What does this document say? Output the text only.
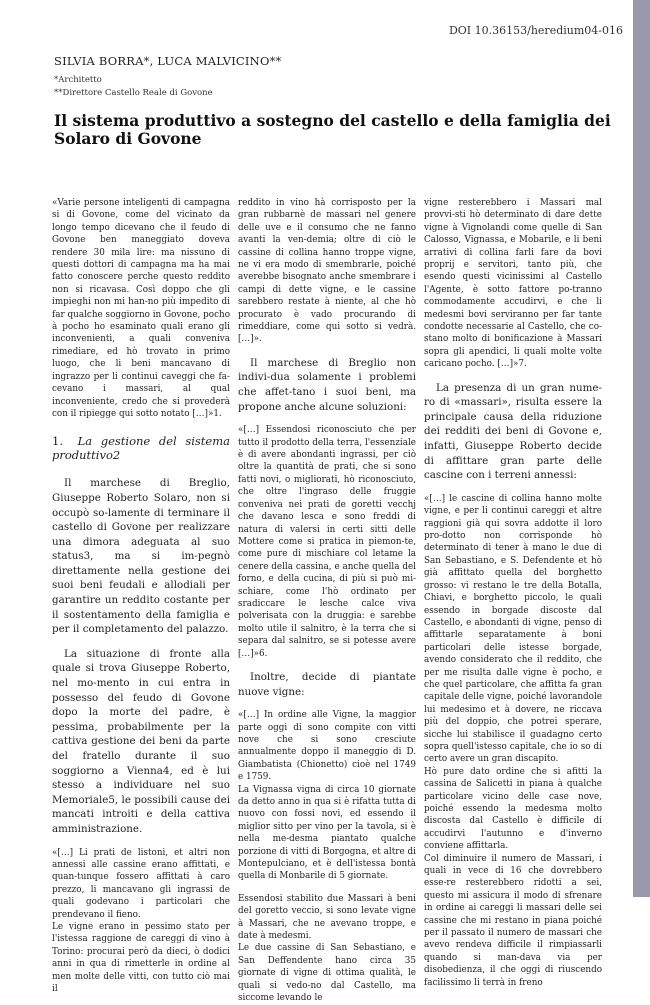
DOI 10.36153/heredium04-016
SILVIA BORRA*, LUCA MALVICINO**
*Architetto
**Direttore Castello Reale di Govone
Il sistema produttivo a sostegno del castello e della famiglia dei Solaro di Govone

«Varie persone inteligenti di campagna si di Govone, come del vicinato da longo tempo dicevano che il feudo di Govone ben maneggiato doveva rendere 30 mila lire: ma nissuno di questi dottori di campagna ma ha mai fatto conoscere perche questo reddito non si ricavasa. Così doppo che gli impieghi non mi han-no più impedito di far qualche soggiorno in Govone, pocho à pocho ho esaminato quali erano gli inconvenienti, a quali conveniva rimediare, ed hò trovato in primo luogo, che li beni mancavano di ingrazzo per li continui caveggi che fa-cevano i massari, al qual inconveniente, credo che si provederà con il ripiegge qui sotto notato […]»1.

1. La gestione del sistema produttivo2

Il marchese di Breglio, Giuseppe Roberto Solaro, non si occupò so-lamente di terminare il castello di Govone per realizzare una dimora adeguata al suo status3, ma si im-pegnò direttamente nella gestione dei suoi beni feudali e allodiali per garantire un reddito costante per il sostentamento della famiglia e per il completamento del palazzo.

La situazione di fronte alla quale si trova Giuseppe Roberto, nel mo-mento in cui entra in possesso del feudo di Govone dopo la morte del padre, è pessima, probabilmente per la cattiva gestione dei beni da parte del fratello durante il suo soggiorno a Vienna4, ed è lui stesso a individuare nel suo Memoriale5, le possibili cause dei mancati introiti e della cattiva amministrazione.

«[…] Li prati de listoni, et altri non annessi alle cassine erano affittati, e quan-tunque fossero affittati à caro prezzo, li mancavano gli ingrassi de quali godevano i particolari che prendevano il fieno.

Le vigne erano in pessimo stato per l'istessa raggione de careggi di vino à Torino: procurai però da dieci, ò dodici anni in qua di rimetterle in ordine al men molte delle vitti, con tutto ciò mai il

reddito in vino hà corrisposto per la gran rubbarnè de massari nel genere delle uve e il consumo che ne fanno avanti la ven-demia; oltre di ciò le cassine di collina hanno troppe vigne, ne vi era modo di smembrarle, poiché averebbe bisognato anche smembrare i campi di dette vigne, e le cassine sarebbero restate à niente, al che hò procurato è vado procurando di rimeddiare, come qui sotto si vedrà. […]».

Il marchese di Breglio non indivi-dua solamente i problemi che affet-tano i suoi beni, ma propone anche alcune soluzioni:

«[…] Essendosi riconosciuto che per tutto il prodotto della terra, l'essenziale è di avere abondanti ingrassi, per ciò oltre la quantità de prati, che si sono fatti novi, o migliorati, hò riconosciuto, che oltre l'ingraso delle fruggie conveniva nei prati de goretti vecchj che davano lesca e sono freddi di natura di valersi in certi sitti delle Mottere come si pratica in piemon-te, come pure di mischiare col letame la cenere della cassina, e anche quella del forno, e della cucina, di più si può mi-schiare, come l'hò ordinato per sradiccare le lesche calce viva polverisata con la druggia: e sarebbe molto utile il salnitro, è la terra che si separa dal salnitro, se si potesse avere […]»6.

Inoltre, decide di piantate nuove vigne:

«[…] In ordine alle Vigne, la maggior parte oggi di sono compite con vitti nove che si sono cresciute annualmente doppo il maneggio di D. Giambatista (Chionetto) cioè nel 1749 e 1759.

La Vignassa vigna di circa 10 giornate da detto anno in qua si è rifatta tutta di nuovo con fossi novi, ed essendo il miglior sitto per vino per la tavola, si è nella me-desma piantato qualche porzione di vitti di Borgogna, et altre di Montepulciano, et è dell'istessa bontà quella di Monbarile di 5 giornate.

Essendosi stabilito due Massari à beni del goretto veccio, si sono levate vigne à Massari, che ne avevano troppe, e date à medesmi.

Le due cassine di San Sebastiano, e San Deffendente hano circa 35 giornate di vigne di ottima qualità, le quali si vedo-no dal Castello, ma siccome levando le

vigne resterebbero i Massari mal provvi-sti hò determinato di dare dette vigne à Vignolandi come quelle di San Calosso, Vignassa, e Mobarile, e li beni arrativi di collina farli fare da bovi proprij e servitori, tanto più, che esendo questi vicinissimi al Castello l'Agente, è sotto fattore po-tranno commodamente accudirvi, e che li medesmi bovi serviranno per far tante condotte necessarie al Castello, che co-stano molto di bonificazione à Massari sopra gli apendici, li quali molte volte caricano pocho. […]»7.

La presenza di un gran nume-ro di «massari», risulta essere la principale causa della riduzione dei redditi dei beni di Govone e, infatti, Giuseppe Roberto decide di affittare gran parte delle cascine con i terreni annessi:

«[…] le cascine di collina hanno molte vigne, e per li continui careggi et altre raggioni già qui sovra addotte il loro pro-dotto non corrisponde hò determinato di tener à mano le due di San Sebastiano, e S. Defendente et hò già affittato quella del borghetto grosso: vi restano le tre della Botalla, Chiavi, e borghetto piccolo, le quali essendo in borgade discoste dal Castello, e abondanti di vigne, penso di affittarle separatamente à boni particolari delle istesse borgade, avendo considerato che il reddito, che per me risulta dalle vigne è pocho, e che quel particolare, che affitta fa gran capitale delle vigne, poiché lavorandole lui medesimo et à dovere, ne riccava più del doppio, che potrei sperare, sicche lui stabilisce il guadagno certo sopra quell'istesso capitale, che io so di certo avere un gran discapito.

Hò pure dato ordine che si afitti la cassina de Salicetti in piana à qualche particolare vicino delle case nove, poiché essendo la medesma molto discosta dal Castello è difficile di accudirvi l'autunno e d'inverno conviene affittarla.

Col diminuire il numero de Massari, i quali in vece di 16 che dovrebbero esse-re resterebbero ridotti a sei, questo mi assicura il modo di sfrenare in ordine ai careggi li massari delle sei cassine che mi restano in piana poiché per il passato il numero de massari che avevo rendeva difficile il rimpiassarli quando si man-dava via per disobedienza, il che oggi di riuscendo facilissimo li terrà in freno
